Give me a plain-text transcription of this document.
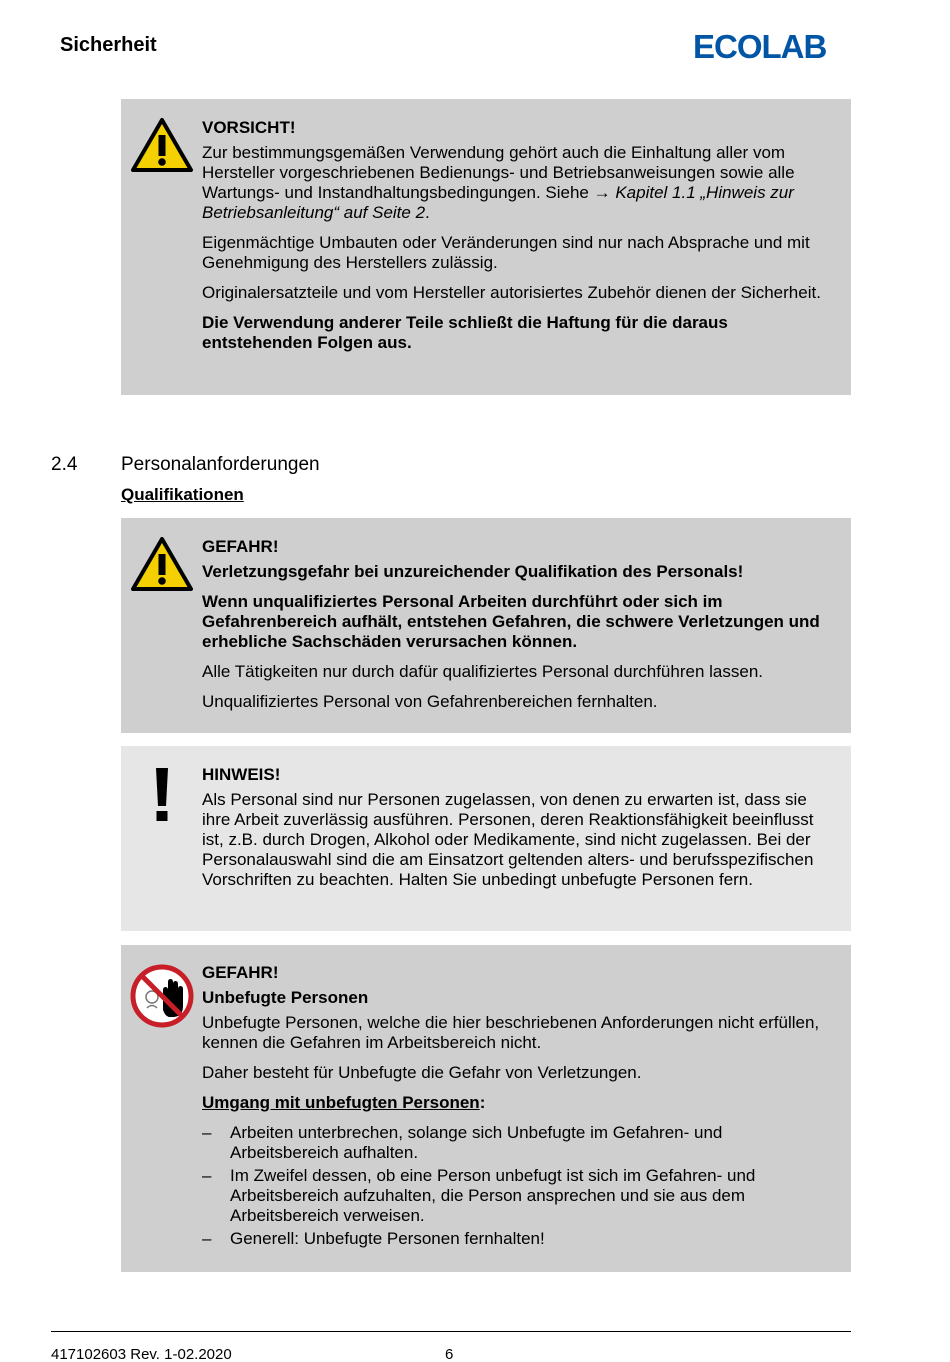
Sicherheit	ECOLAB

VORSICHT!

Zur bestimmungsgemäßen Verwendung gehört auch die Einhaltung aller vom Hersteller vorgeschriebenen Bedienungs- und Betriebsanweisungen sowie alle Wartungs- und Instandhaltungsbedingungen. Siehe → Kapitel 1.1 „Hinweis zur Betriebsanleitung“ auf Seite 2.

Eigenmächtige Umbauten oder Veränderungen sind nur nach Absprache und mit Genehmigung des Herstellers zulässig.

Originalersatzteile und vom Hersteller autorisiertes Zubehör dienen der Sicherheit.

Die Verwendung anderer Teile schließt die Haftung für die daraus entstehenden Folgen aus.

2.4 Personalanforderungen
Qualifikationen

GEFAHR!

Verletzungsgefahr bei unzureichender Qualifikation des Personals!

Wenn unqualifiziertes Personal Arbeiten durchführt oder sich im Gefahrenbereich aufhält, entstehen Gefahren, die schwere Verletzungen und erhebliche Sachschäden verursachen können.

Alle Tätigkeiten nur durch dafür qualifiziertes Personal durchführen lassen.

Unqualifiziertes Personal von Gefahrenbereichen fernhalten.

HINWEIS!

Als Personal sind nur Personen zugelassen, von denen zu erwarten ist, dass sie ihre Arbeit zuverlässig ausführen. Personen, deren Reaktionsfähigkeit beeinflusst ist, z.B. durch Drogen, Alkohol oder Medikamente, sind nicht zugelassen. Bei der Personalauswahl sind die am Einsatzort geltenden alters- und berufsspezifischen Vorschriften zu beachten. Halten Sie unbedingt unbefugte Personen fern.

GEFAHR!

Unbefugte Personen

Unbefugte Personen, welche die hier beschriebenen Anforderungen nicht erfüllen, kennen die Gefahren im Arbeitsbereich nicht.

Daher besteht für Unbefugte die Gefahr von Verletzungen.

Umgang mit unbefugten Personen:

– Arbeiten unterbrechen, solange sich Unbefugte im Gefahren- und Arbeitsbereich aufhalten.
– Im Zweifel dessen, ob eine Person unbefugt ist sich im Gefahren- und Arbeitsbereich aufzuhalten, die Person ansprechen und sie aus dem Arbeitsbereich verweisen.
– Generell: Unbefugte Personen fernhalten!
417102603 Rev. 1-02.2020	6
